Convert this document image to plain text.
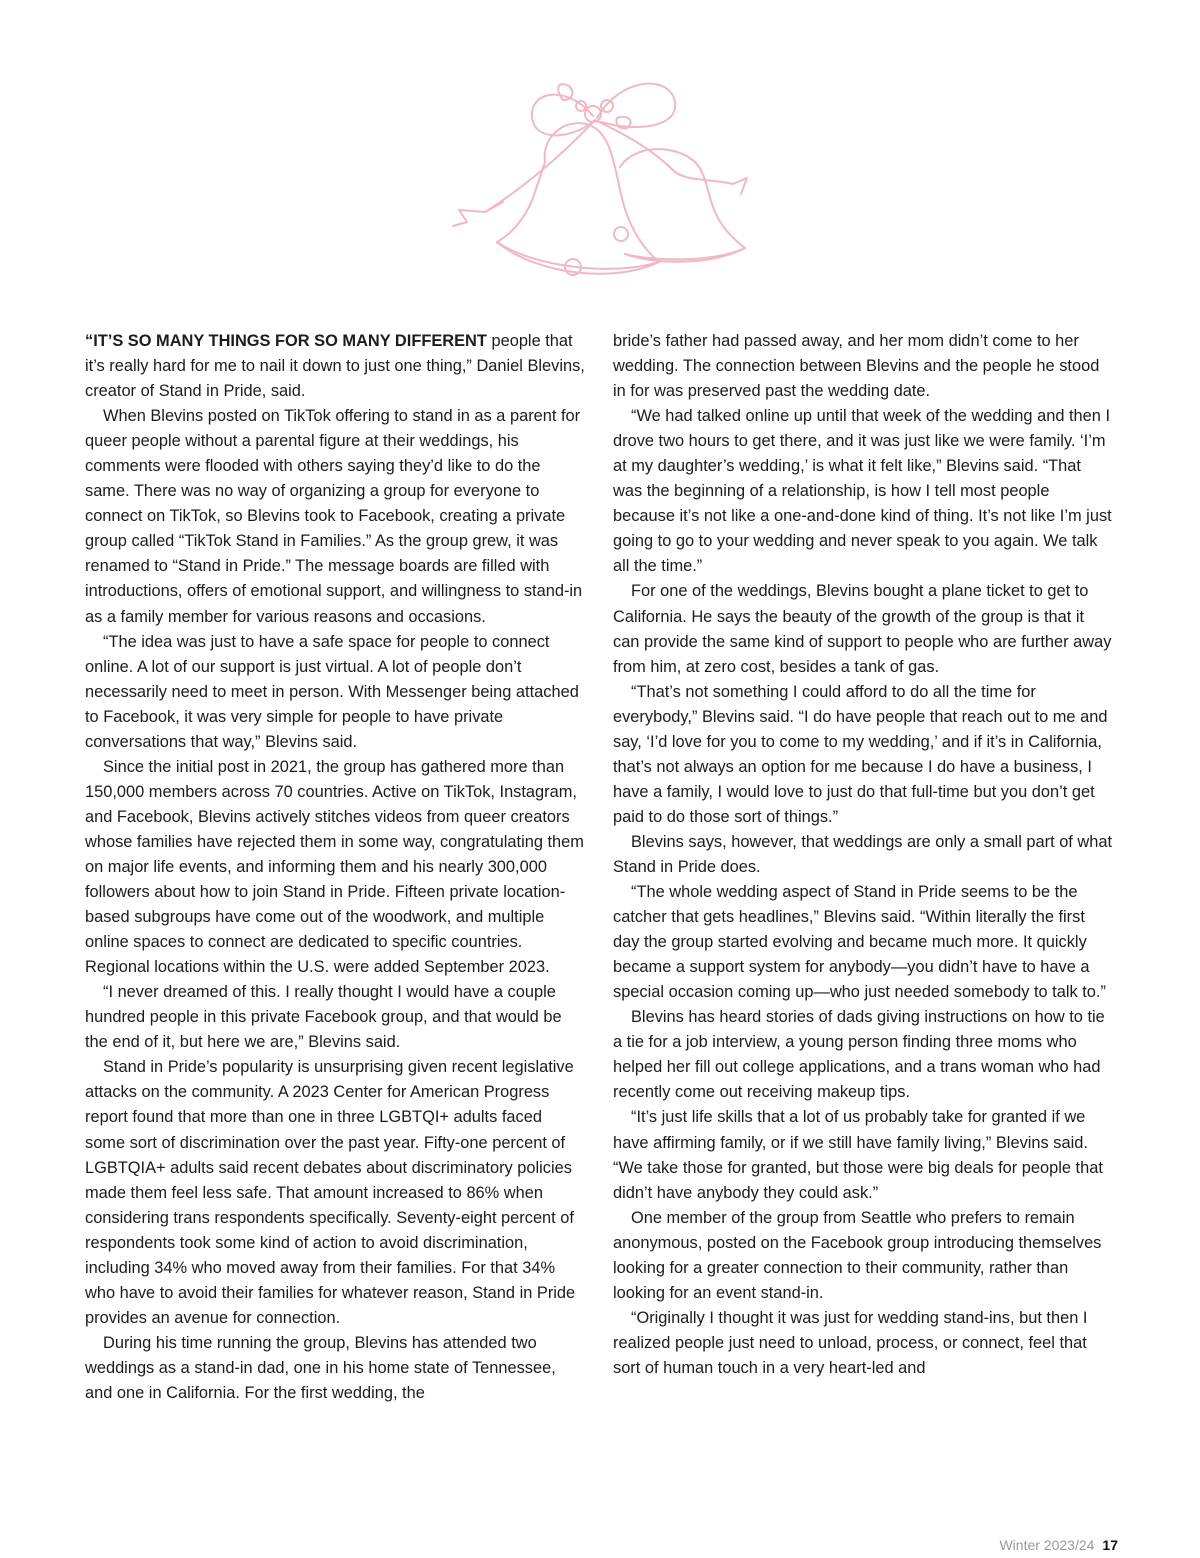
“IT’S SO MANY THINGS FOR SO MANY DIFFERENT people that it’s really hard for me to nail it down to just one thing,” Daniel Blevins, creator of Stand in Pride, said.

When Blevins posted on TikTok offering to stand in as a parent for queer people without a parental figure at their weddings, his comments were flooded with others saying they’d like to do the same. There was no way of organizing a group for everyone to connect on TikTok, so Blevins took to Facebook, creating a private group called “TikTok Stand in Families.” As the group grew, it was renamed to “Stand in Pride.” The message boards are filled with introductions, offers of emotional support, and willingness to stand-in as a family member for various reasons and occasions.

“The idea was just to have a safe space for people to connect online. A lot of our support is just virtual. A lot of people don’t necessarily need to meet in person. With Messenger being attached to Facebook, it was very simple for people to have private conversations that way,” Blevins said.

Since the initial post in 2021, the group has gathered more than 150,000 members across 70 countries. Active on TikTok, Instagram, and Facebook, Blevins actively stitches videos from queer creators whose families have rejected them in some way, congratulating them on major life events, and informing them and his nearly 300,000 followers about how to join Stand in Pride. Fifteen private location-based subgroups have come out of the woodwork, and multiple online spaces to connect are dedicated to specific countries. Regional locations within the U.S. were added September 2023.

“I never dreamed of this. I really thought I would have a couple hundred people in this private Facebook group, and that would be the end of it, but here we are,” Blevins said.

Stand in Pride’s popularity is unsurprising given recent legislative attacks on the community. A 2023 Center for American Progress report found that more than one in three LGBTQI+ adults faced some sort of discrimination over the past year. Fifty-one percent of LGBTQIA+ adults said recent debates about discriminatory policies made them feel less safe. That amount increased to 86% when considering trans respondents specifically. Seventy-eight percent of respondents took some kind of action to avoid discrimination, including 34% who moved away from their families. For that 34% who have to avoid their families for whatever reason, Stand in Pride provides an avenue for connection.

During his time running the group, Blevins has attended two weddings as a stand-in dad, one in his home state of Tennessee, and one in California. For the first wedding, the

bride’s father had passed away, and her mom didn’t come to her wedding. The connection between Blevins and the people he stood in for was preserved past the wedding date.

“We had talked online up until that week of the wedding and then I drove two hours to get there, and it was just like we were family. ‘I’m at my daughter’s wedding,’ is what it felt like,” Blevins said. “That was the beginning of a relationship, is how I tell most people because it’s not like a one-and-done kind of thing. It’s not like I’m just going to go to your wedding and never speak to you again. We talk all the time.”

For one of the weddings, Blevins bought a plane ticket to get to California. He says the beauty of the growth of the group is that it can provide the same kind of support to people who are further away from him, at zero cost, besides a tank of gas.

“That’s not something I could afford to do all the time for everybody,” Blevins said. “I do have people that reach out to me and say, ‘I’d love for you to come to my wedding,’ and if it’s in California, that’s not always an option for me because I do have a business, I have a family, I would love to just do that full-time but you don’t get paid to do those sort of things.”

Blevins says, however, that weddings are only a small part of what Stand in Pride does.

“The whole wedding aspect of Stand in Pride seems to be the catcher that gets headlines,” Blevins said. “Within literally the first day the group started evolving and became much more. It quickly became a support system for anybody—you didn’t have to have a special occasion coming up—who just needed somebody to talk to.”

Blevins has heard stories of dads giving instructions on how to tie a tie for a job interview, a young person finding three moms who helped her fill out college applications, and a trans woman who had recently come out receiving makeup tips.

“It’s just life skills that a lot of us probably take for granted if we have affirming family, or if we still have family living,” Blevins said. “We take those for granted, but those were big deals for people that didn’t have anybody they could ask.”

One member of the group from Seattle who prefers to remain anonymous, posted on the Facebook group introducing themselves looking for a greater connection to their community, rather than looking for an event stand-in.

“Originally I thought it was just for wedding stand-ins, but then I realized people just need to unload, process, or connect, feel that sort of human touch in a very heart-led and

Winter 2023/24 17
